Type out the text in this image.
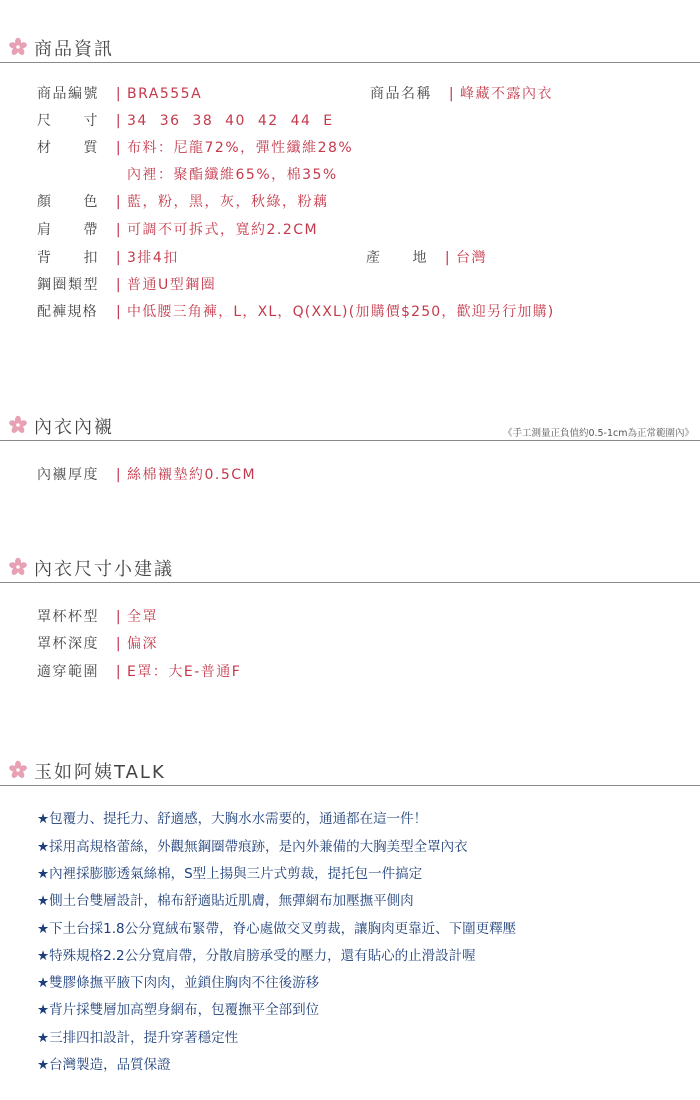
商品資訊
商品編號 | BRA555A	商品名稱 | 峰藏不露內衣
尺　　寸 | 34  36  38  40  42  44  E
材　　質 | 布料：尼龍72%，彈性纖維28%
內裡：聚酯纖維65%，棉35%
顏　　色 | 藍，粉，黑，灰，秋綠，粉藕
肩　　帶 | 可調不可拆式，寬約2.2CM
背　　扣 | 3排4扣	產　　地 | 台灣
鋼圈類型 | 普通U型鋼圈
配褲規格 | 中低腰三角褲，L，XL，Q(XXL)(加購價$250，歡迎另行加購)
內衣內襯	《手工測量正負值約0.5-1cm為正常範圍內》
內襯厚度 | 絲棉襯墊約0.5CM
內衣尺寸小建議
罩杯杯型 | 全罩
罩杯深度 | 偏深
適穿範圍 | E罩：大E-普通F
玉如阿姨TALK
★包覆力、提托力、舒適感，大胸水水需要的，通通都在這一件！
★採用高規格蕾絲，外觀無鋼圈帶痕跡，是內外兼備的大胸美型全罩內衣
★內裡採膨膨透氣絲棉，S型上揚與三片式剪裁，提托包一件搞定
★側土台雙層設計，棉布舒適貼近肌膚，無彈網布加壓撫平側肉
★下土台採1.8公分寬絨布緊帶，脊心處做交叉剪裁，讓胸肉更靠近、下圍更釋壓
★特殊規格2.2公分寬肩帶，分散肩膀承受的壓力，還有貼心的止滑設計喔
★雙膠條撫平腋下肉肉，並鎖住胸肉不往後游移
★背片採雙層加高塑身網布，包覆撫平全部到位
★三排四扣設計，提升穿著穩定性
★台灣製造，品質保證
